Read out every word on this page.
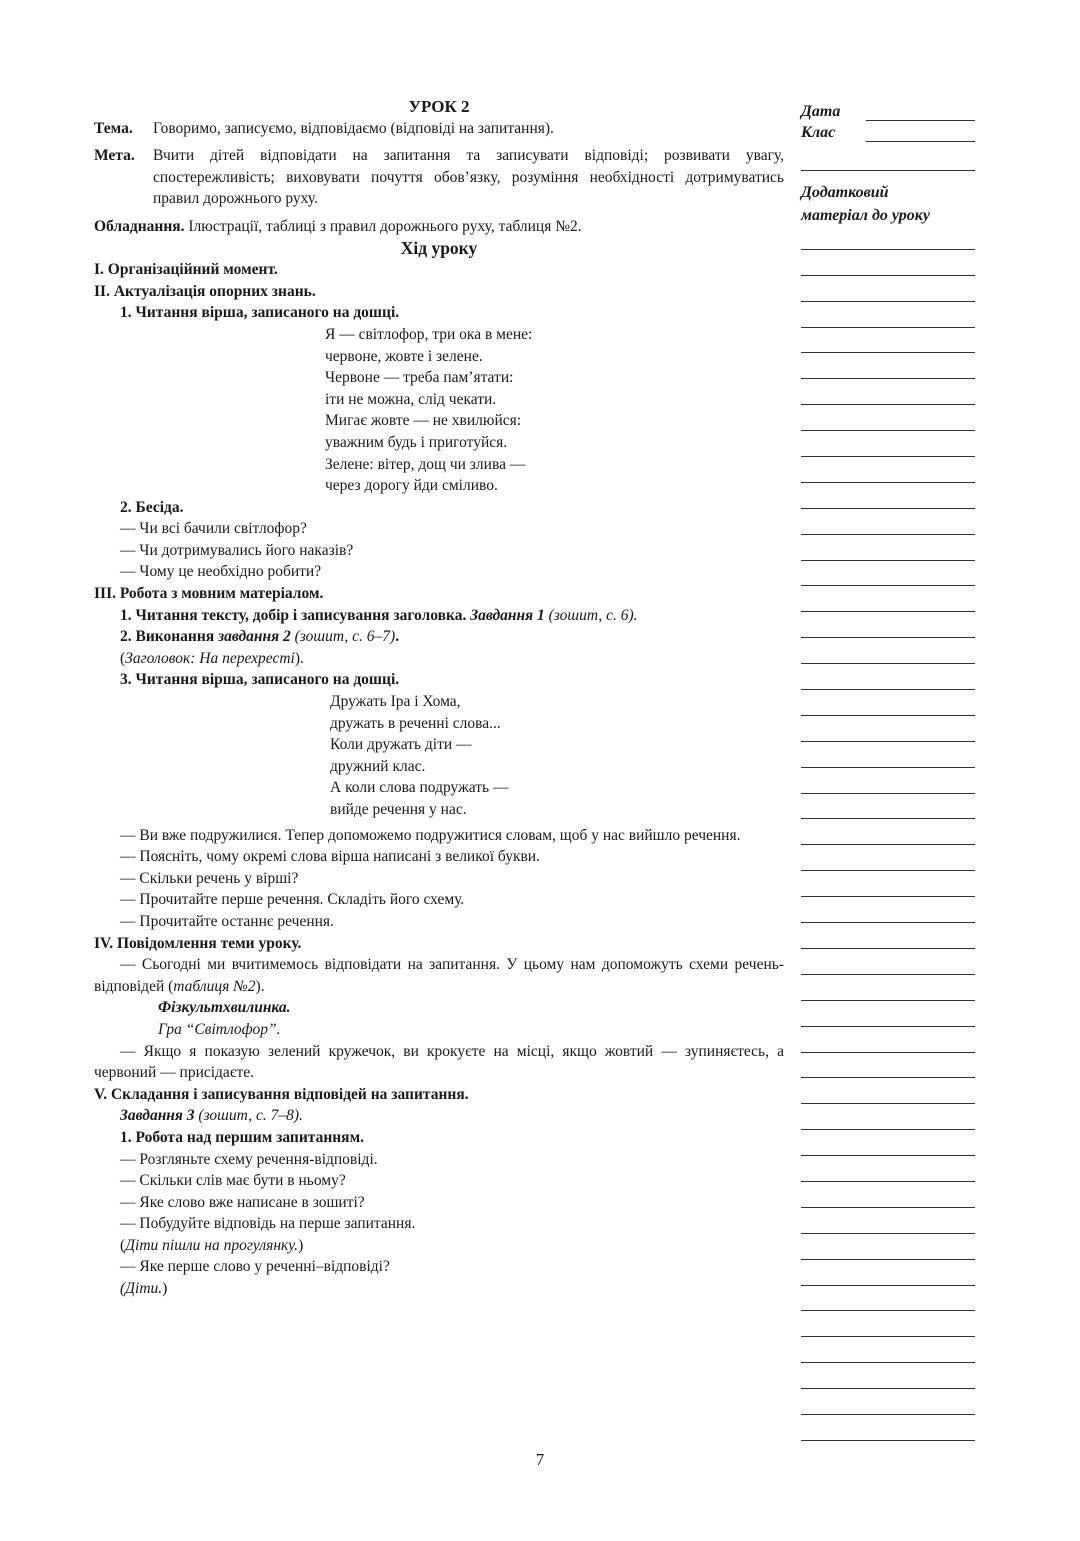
УРОК 2

Тема.	Говоримо, записуємо, відповідаємо (відповіді на запитання).
Мета.	Вчити дітей відповідати на запитання та записувати відповіді; розвивати увагу, спостережливість; виховувати почуття обов’язку, розуміння необхідності дотримуватись правил дорожнього руху.

Обладнання. Ілюстрації, таблиці з правил дорожнього руху, таблиця №2.

Хід уроку

І. Організаційний момент.

ІІ. Актуалізація опорних знань.

1. Читання вірша, записаного на дошці.

Я — світлофор, три ока в мене:

червоне, жовте і зелене.

Червоне — треба пам’ятати:

іти не можна, слід чекати.

Мигає жовте — не хвилюйся:

уважним будь і приготуйся.

Зелене: вітер, дощ чи злива —

через дорогу йди сміливо.

2. Бесіда.

— Чи всі бачили світлофор?

— Чи дотримувались його наказів?

— Чому це необхідно робити?

ІІІ. Робота з мовним матеріалом.

1. Читання тексту, добір і записування заголовка. Завдання 1 (зошит, с. 6).

2. Виконання завдання 2 (зошит, с. 6–7).

(Заголовок: На перехресті).

3. Читання вірша, записаного на дошці.

Дружать Іра і Хома,

дружать в реченні слова...

Коли дружать діти —

дружний клас.

А коли слова подружать —

вийде речення у нас.

— Ви вже подружилися. Тепер допоможемо подружитися словам, щоб у нас вийшло речення.

— Поясніть, чому окремі слова вірша написані з великої букви.

— Скільки речень у вірші?

— Прочитайте перше речення. Складіть його схему.

— Прочитайте останнє речення.

IV. Повідомлення теми уроку.

— Сьогодні ми вчитимемось відповідати на запитання. У цьому нам допоможуть схеми речень-відповідей (таблиця №2).

Фізкультхвилинка.

Гра “Світлофор”.

— Якщо я показую зелений кружечок, ви крокуєте на місці, якщо жовтий — зупиняєтесь, а червоний — присідаєте.

V. Складання і записування відповідей на запитання.

Завдання 3 (зошит, с. 7–8).

1. Робота над першим запитанням.

— Розгляньте схему речення-відповіді.

— Скільки слів має бути в ньому?

— Яке слово вже написане в зошиті?

— Побудуйте відповідь на перше запитання.

(Діти пішли на прогулянку.)

— Яке перше слово у реченні–відповіді?

(Діти.)

Дата
Клас
Додатковий
матеріал до уроку
7
